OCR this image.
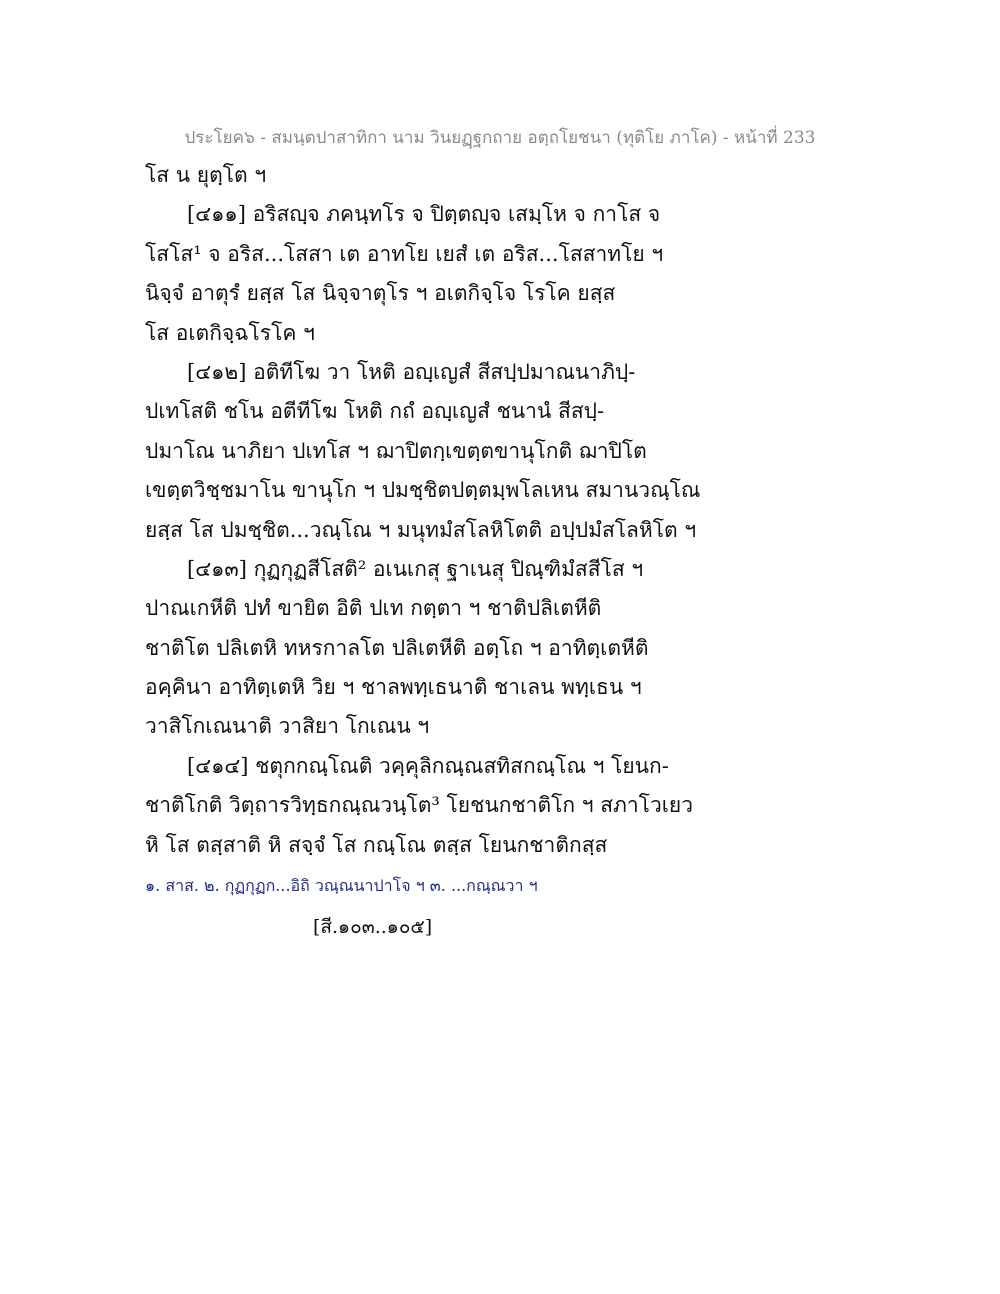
ประโยค๖ - สมนฺตปาสาทิกา นาม วินยฏฺฐกถาย อตฺถโยชนา (ทุติโย ภาโค) - หน้าที่ 233
โส น ยุตฺโต ฯ
[๔๑๑] อริสญฺจ ภคนฺทโร จ ปิตฺตญฺจ เสมฺโห จ กาโส จ
โสโส¹ จ อริส...โสสา เต อาทโย เยสํ เต อริส...โสสาทโย ฯ
นิจฺจํ อาตุรํ ยสฺส โส นิจฺจาตุโร ฯ อเตกิจฺโจ โรโค ยสฺส
โส อเตกิจฺฉโรโค ฯ
[๔๑๒] อติทีโฆ วา โหติ อญฺเญสํ สีสปฺปมาณนาภิปฺ-
ปเทโสติ ชโน อตีทีโฆ โหติ กถํ อญฺเญสํ ชนานํ สีสปฺ-
ปมาโณ นาภิยา ปเทโส ฯ ฌาปิตกฺเขตฺตขานุโกติ ฌาปิโต
เขตฺตวิชฺชมาโน ขานุโก ฯ ปมชฺชิตปตฺตมฺพโลเหน สมานวณฺโณ
ยสฺส โส ปมชฺชิต...วณฺโณ ฯ มนุทมํสโลหิโตติ อปฺปมํสโลหิโต ฯ
[๔๑๓] กุฏกุฏสีโสติ² อเนเกสุ ฐาเนสุ ปิณฺฑิมํสสีโส ฯ
ปาณเกหีติ ปทํ ขายิต อิติ ปเท กตฺตา ฯ ชาติปลิเตหีติ
ชาติโต ปลิเตหิ ทหรกาลโต ปลิเตหีติ อตฺโถ ฯ อาทิตฺเตหีติ
อคฺคินา อาทิตฺเตหิ วิย ฯ ชาลพทฺเธนาติ ชาเลน พทฺเธน ฯ
วาสิโกเณนาติ วาสิยา โกเณน ฯ
[๔๑๔] ชตุกกณฺโณติ วคฺคุลิกณฺณสทิสกณฺโณ ฯ โยนก-
ชาติโกติ วิตฺถารวิทฺธกณฺณวนฺโต³ โยชนกชาติโก ฯ สภาโวเยว
หิ โส ตสฺสาติ หิ สจฺจํ โส กณฺโณ ตสฺส โยนกชาติกสฺส
๑. สาส. ๒. กุฏกุฏก...อิถิ วณฺณนาปาโจ ฯ ๓. ...กณฺณวา ฯ
[สี.๑๐๓..๑๐๕]
